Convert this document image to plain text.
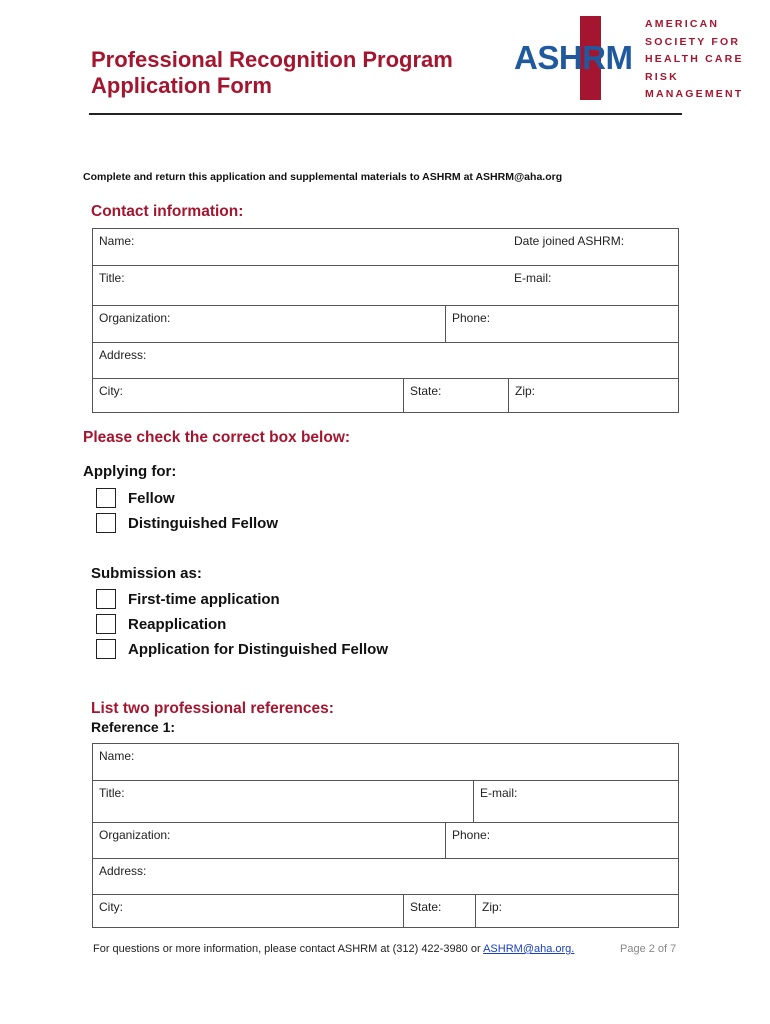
Professional Recognition Program
Application Form
ASHRM
AMERICAN
SOCIETY FOR
HEALTH CARE
RISK
MANAGEMENT
Complete and return this application and supplemental materials to ASHRM at ASHRM@aha.org
Contact information:
Name:	Date joined ASHRM:
Title:	E-mail:
Organization:	Phone:
Address:
City:	State:	Zip:
Please check the correct box below:
Applying for:
Fellow
Distinguished Fellow
Submission as:
First-time application
Reapplication
Application for Distinguished Fellow
List two professional references:
Reference 1:
Name:
Title:	E-mail:
Organization:	Phone:
Address:
City:	State:	Zip:
For questions or more information, please contact ASHRM at (312) 422-3980 or ASHRM@aha.org.	Page 2 of 7
